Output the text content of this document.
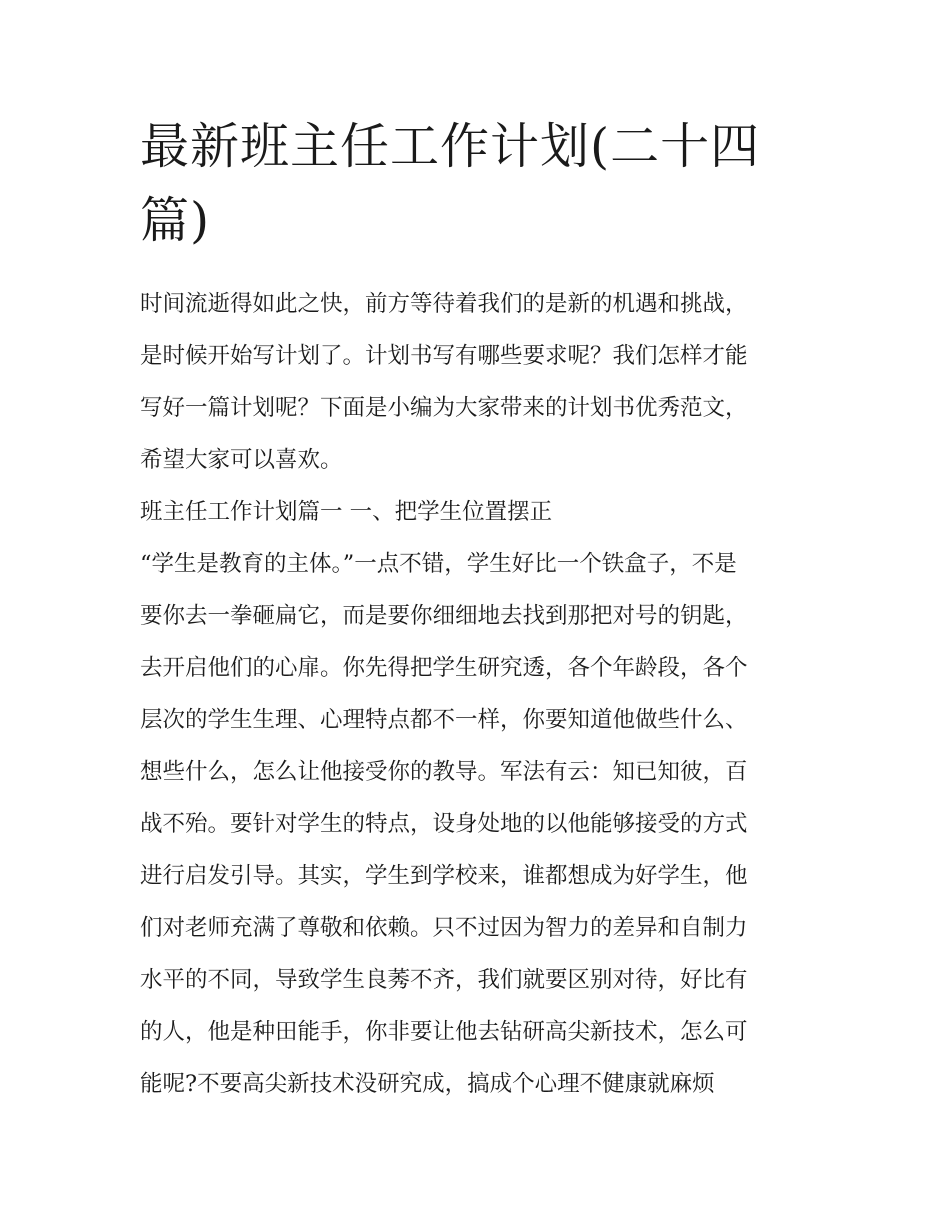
最新班主任工作计划(二十四
篇)

时间流逝得如此之快，前方等待着我们的是新的机遇和挑战，
是时候开始写计划了。计划书写有哪些要求呢？我们怎样才能
写好一篇计划呢？下面是小编为大家带来的计划书优秀范文，
希望大家可以喜欢。

班主任工作计划篇一 一、把学生位置摆正

“学生是教育的主体。”一点不错，学生好比一个铁盒子，不是
要你去一拳砸扁它，而是要你细细地去找到那把对号的钥匙，
去开启他们的心扉。你先得把学生研究透，各个年龄段，各个
层次的学生生理、心理特点都不一样，你要知道他做些什么、
想些什么，怎么让他接受你的教导。军法有云：知已知彼，百
战不殆。要针对学生的特点，设身处地的以他能够接受的方式
进行启发引导。其实，学生到学校来，谁都想成为好学生，他
们对老师充满了尊敬和依赖。只不过因为智力的差异和自制力
水平的不同，导致学生良莠不齐，我们就要区别对待，好比有
的人，他是种田能手，你非要让他去钻研高尖新技术，怎么可
能呢?不要高尖新技术没研究成，搞成个心理不健康就麻烦
